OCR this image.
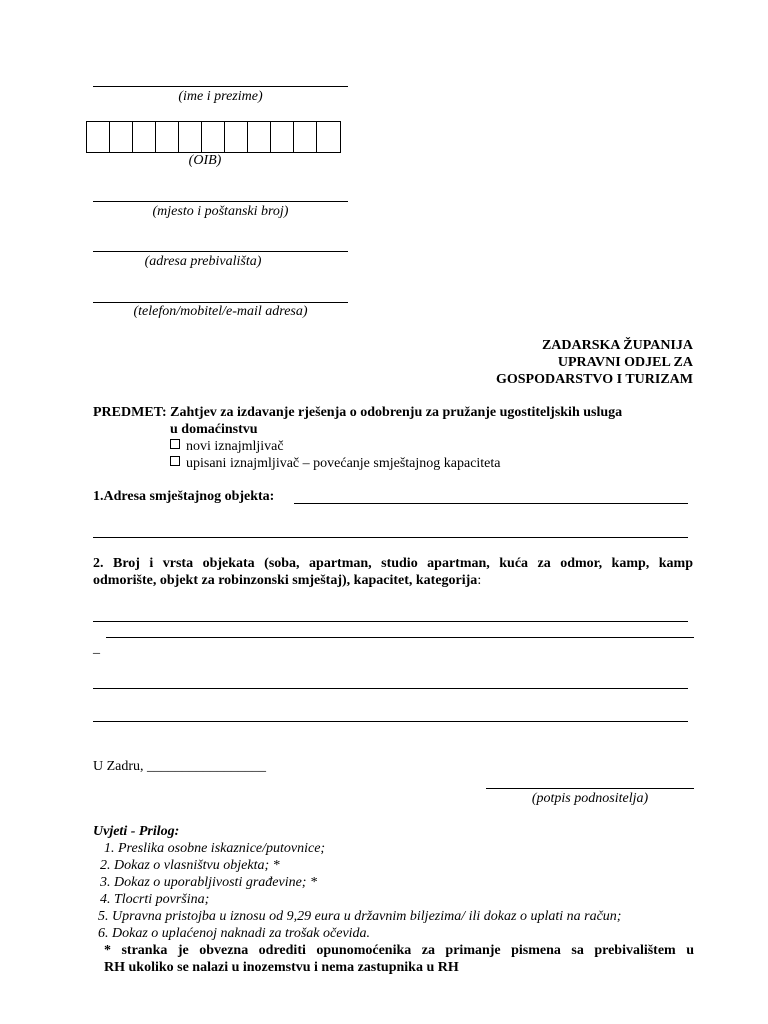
(ime i prezime)
(OIB)
(mjesto i poštanski broj)
(adresa prebivališta)
(telefon/mobitel/e-mail adresa)
ZADARSKA ŽUPANIJA
UPRAVNI ODJEL ZA
GOSPODARSTVO I TURIZAM
PREDMET: Zahtjev za izdavanje rješenja o odobrenju za pružanje ugostiteljskih usluga
u domaćinstvu
novi iznajmljivač
upisani iznajmljivač – povećanje smještajnog kapaciteta
1.Adresa smještajnog objekta:
2. Broj i vrsta objekata (soba, apartman, studio apartman, kuća za odmor, kamp, kamp
odmorište, objekt za robinzonski smještaj), kapacitet, kategorija:
_
U Zadru, _________________
(potpis podnositelja)
Uvjeti - Prilog:
1. Preslika osobne iskaznice/putovnice;
2. Dokaz o vlasništvu objekta; *
3. Dokaz o uporabljivosti građevine; *
4. Tlocrti površina;
5. Upravna pristojba u iznosu od 9,29 eura u državnim biljezima/ ili dokaz o uplati na račun;
6. Dokaz o uplaćenoj naknadi za trošak očevida.
* stranka je obvezna odrediti opunomoćenika za primanje pismena sa prebivalištem u
RH ukoliko se nalazi u inozemstvu i nema zastupnika u RH
